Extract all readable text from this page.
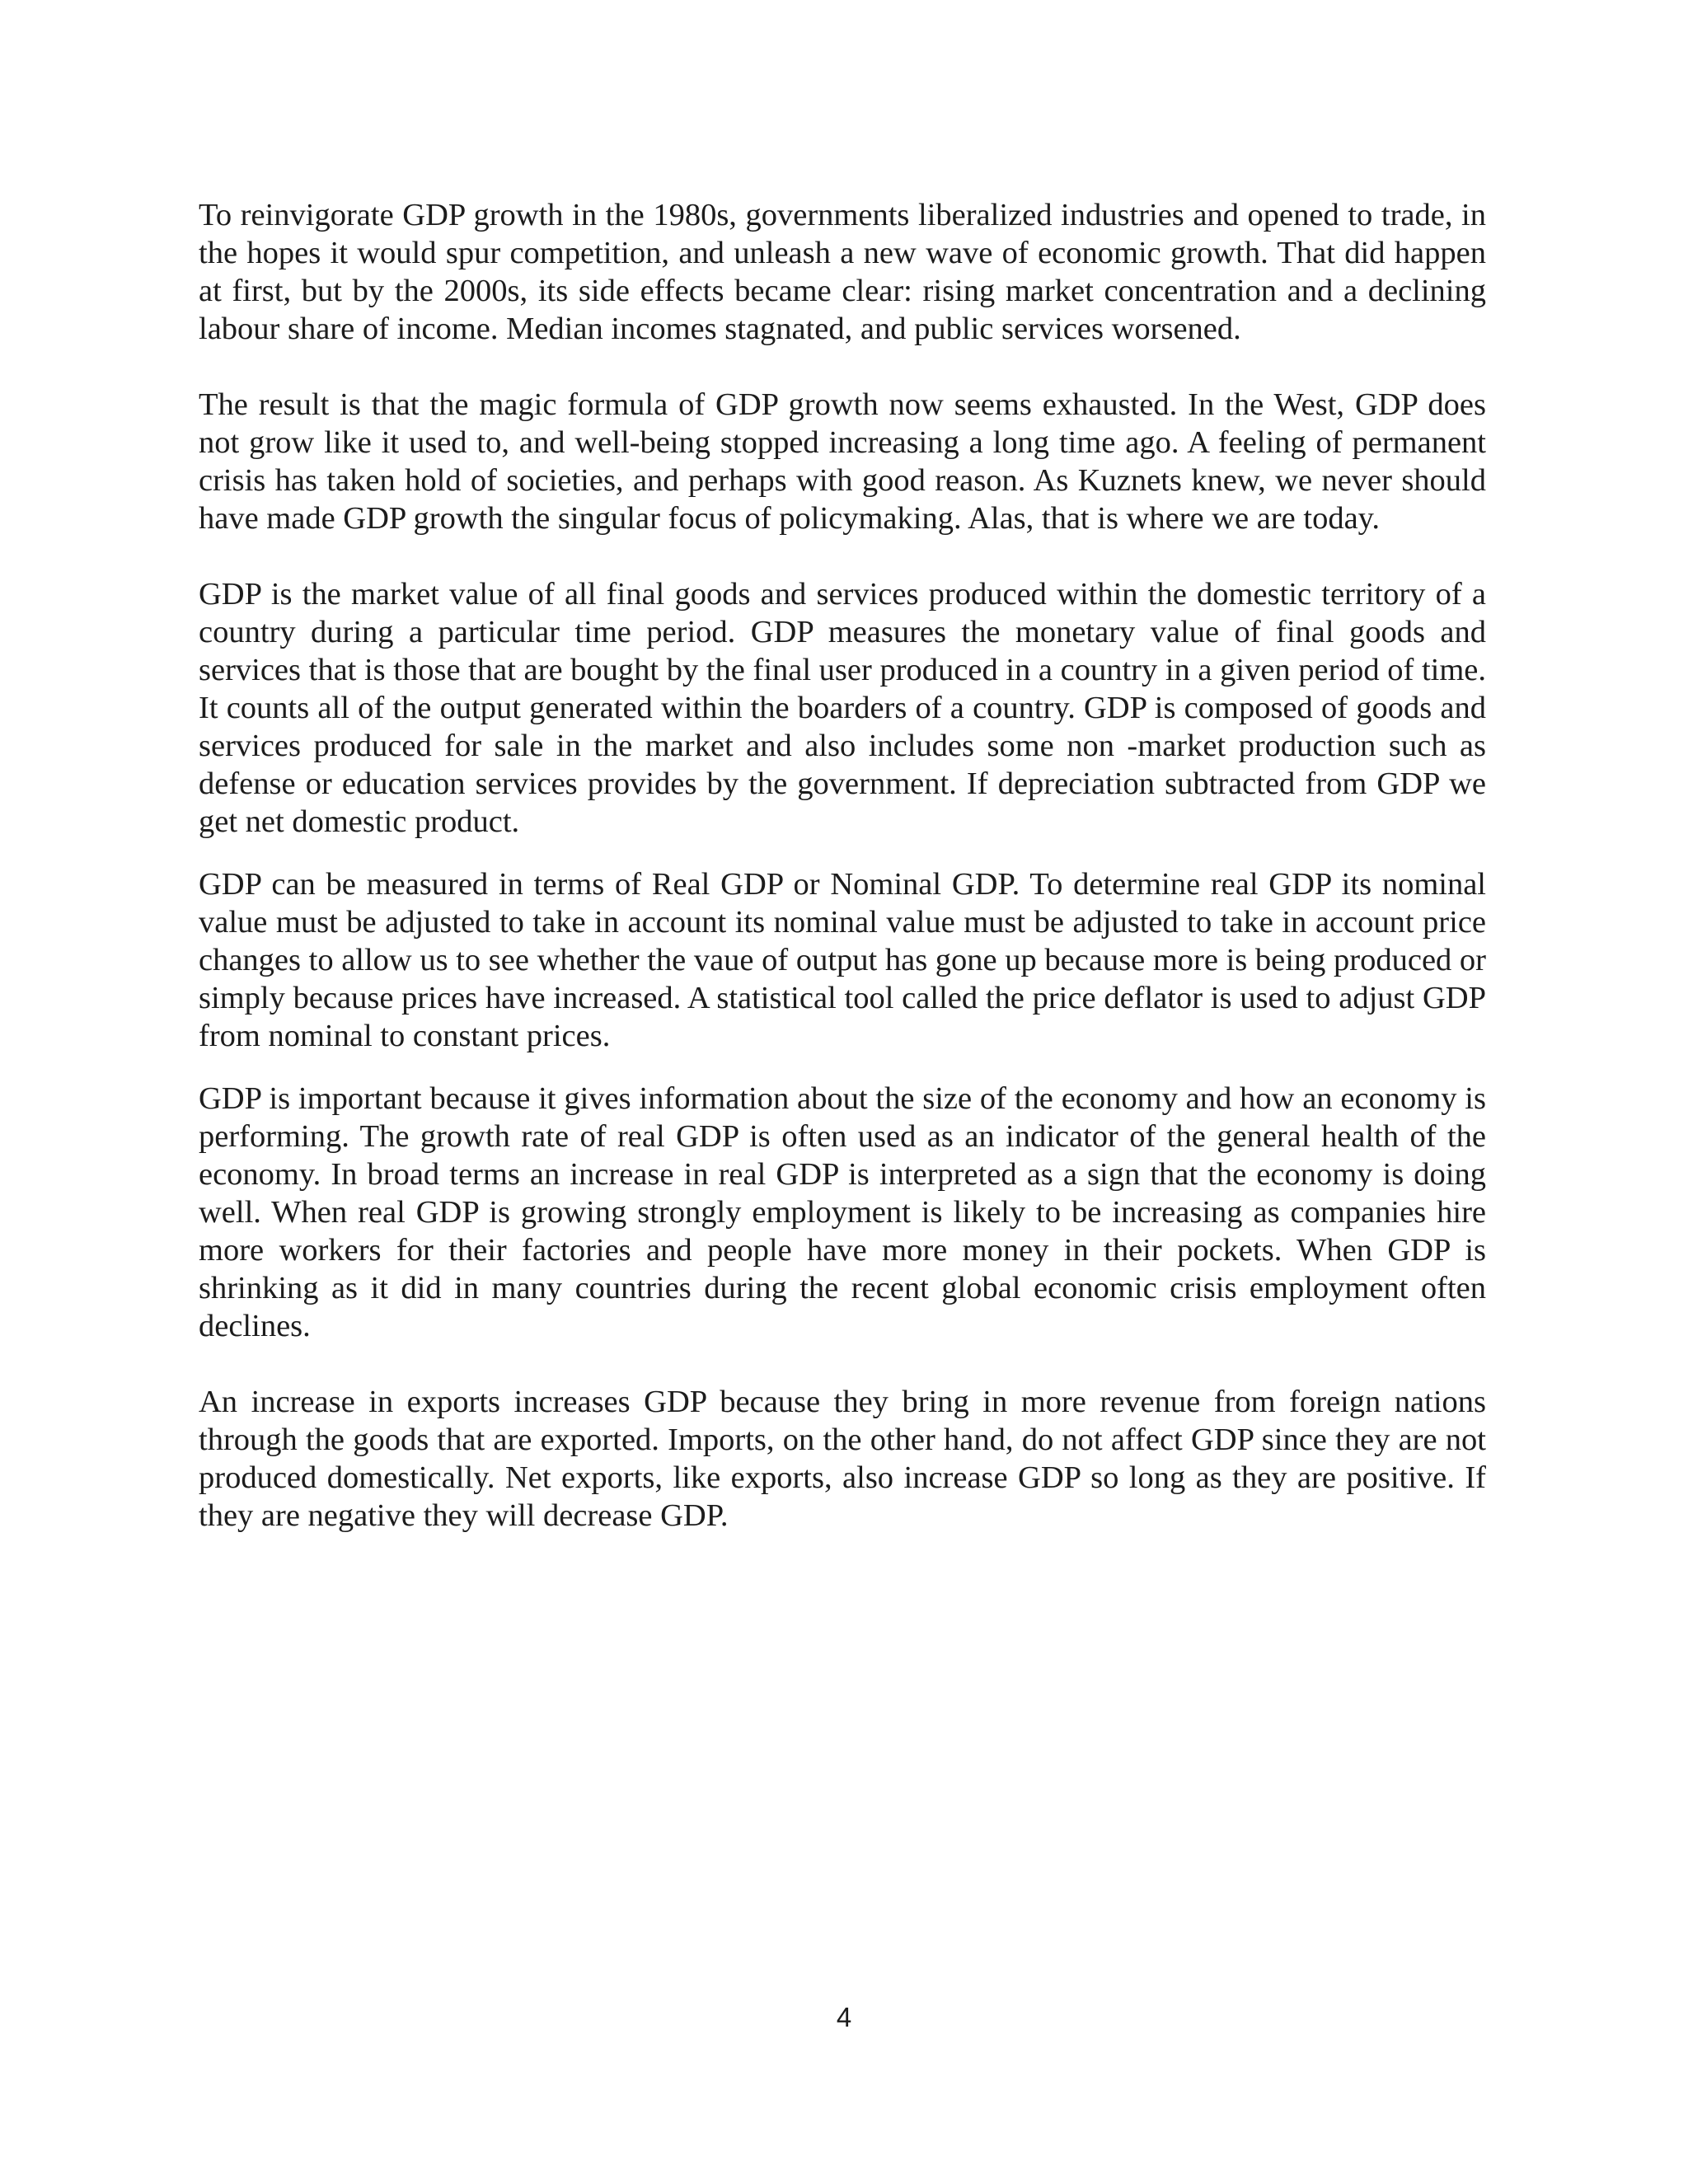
To reinvigorate GDP growth in the 1980s, governments liberalized industries and opened to trade, in the hopes it would spur competition, and unleash a new wave of economic growth. That did happen at first, but by the 2000s, its side effects became clear: rising market concentration and a declining labour share of income. Median incomes stagnated, and public services worsened.

The result is that the magic formula of GDP growth now seems exhausted. In the West, GDP does not grow like it used to, and well-being stopped increasing a long time ago. A feeling of permanent crisis has taken hold of societies, and perhaps with good reason. As Kuznets knew, we never should have made GDP growth the singular focus of policymaking. Alas, that is where we are today.

GDP is the market value of all final goods and services produced within the domestic territory of a country during a particular time period. GDP measures the monetary value of final goods and services that is those that are bought by the final user produced in a country in a given period of time. It counts all of the output generated within the boarders of a country. GDP is composed of goods and services produced for sale in the market and also includes some non -market production such as defense or education services provides by the government. If depreciation subtracted from GDP we get net domestic product.

GDP can be measured in terms of Real GDP or Nominal GDP. To determine real GDP its nominal value must be adjusted to take in account its nominal value must be adjusted to take in account price changes to allow us to see whether the vaue of output has gone up because more is being produced or simply because prices have increased. A statistical tool called the price deflator is used to adjust GDP from nominal to constant prices.

GDP is important because it gives information about the size of the economy and how an economy is performing. The growth rate of real GDP is often used as an indicator of the general health of the economy. In broad terms an increase in real GDP is interpreted as a sign that the economy is doing well. When real GDP is growing strongly employment is likely to be increasing as companies hire more workers for their factories and people have more money in their pockets. When GDP is shrinking as it did in many countries during the recent global economic crisis employment often declines.

An increase in exports increases GDP because they bring in more revenue from foreign nations through the goods that are exported. Imports, on the other hand, do not affect GDP since they are not produced domestically. Net exports, like exports, also increase GDP so long as they are positive. If they are negative they will decrease GDP.

4
